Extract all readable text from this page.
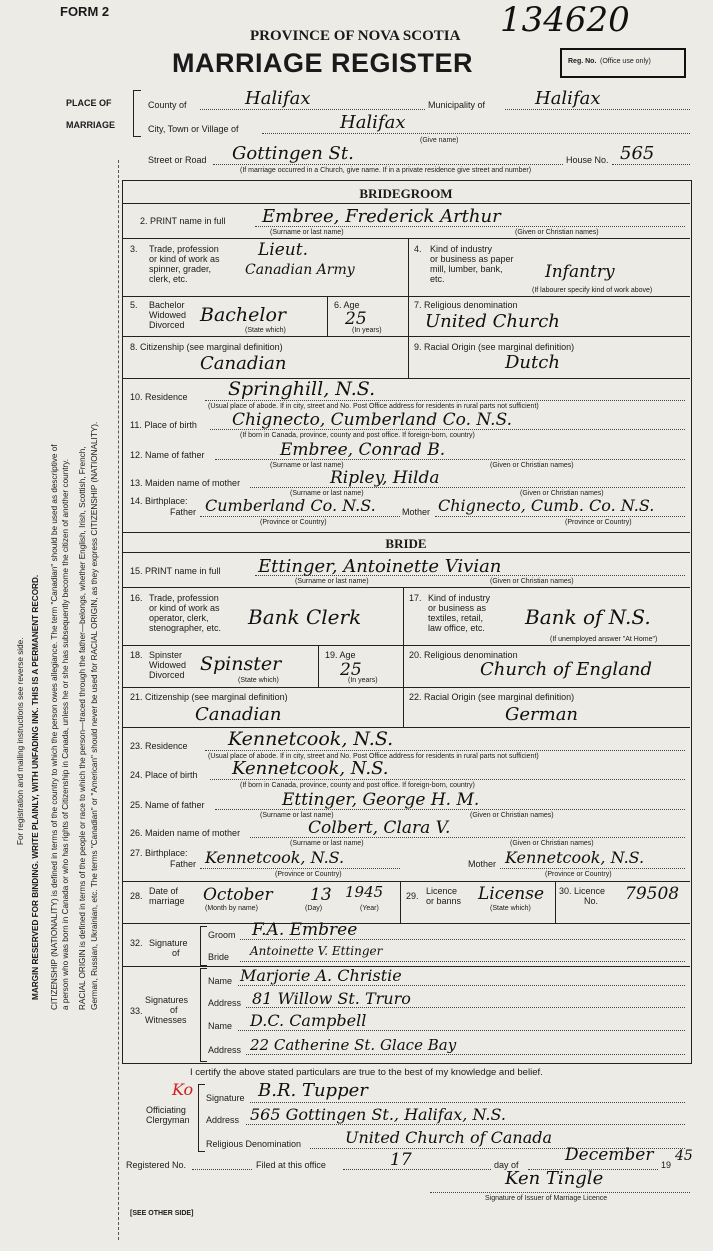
For registration and mailing instructions see reverse side. MARGIN RESERVED FOR BINDING. WRITE PLAINLY, WITH UNFADING INK. THIS IS A PERMANENT RECORD. CITIZENSHIP (NATIONALITY) is defined in terms of the country to which the person owes allegiance. The term "Canadian" should be used as descriptive of a person who was born in Canada or who has rights of Citizenship in Canada, unless he or she has subsequently become the citizen of another country. RACIAL ORIGIN is defined in terms of the people or race to which the person—traced through the father—belongs, whether English, Irish, Scottish, French, German, Russian, Ukrainian, etc. The terms "Canadian" or "American" should never be used for RACIAL ORIGIN, as they express CITIZENSHIP (NATIONALITY).
FORM 2	134620
PROVINCE OF NOVA SCOTIA
MARRIAGE REGISTER	Reg. No. (Office use only)
PLACE OF
MARRIAGE
County of	Halifax	Municipality of	Halifax
City, Town or Village of	Halifax
(Give name)
Street or Road Gottingen St.	House No. 565
(If marriage occurred in a Church, give name. If in a private residence give street and number)
BRIDEGROOM
2. PRINT name in full Embree, Frederick Arthur
(Surname or last name)	(Given or Christian names)
3. Trade, profession
or kind of work as
spinner, grader,
clerk, etc.
Lieut.
Canadian Army
4. Kind of industry
or business as paper
mill, lumber, bank,
etc.	Infantry
(If labourer specify kind of work above)
5. Bachelor
Widowed
Divorced Bachelor
(State which)
6. Age
25
(In years)
7. Religious denomination
United Church
8. Citizenship (see marginal definition)
Canadian
9. Racial Origin (see marginal definition)
Dutch
10. Residence Springhill, N.S.
(Usual place of abode. If in city, street and No. Post Office address for residents in rural parts not sufficient)
11. Place of birth Chignecto, Cumberland Co. N.S.
(If born in Canada, province, county and post office. If foreign-born, country)
12. Name of father	Embree, Conrad B.
(Surname or last name)	(Given or Christian names)
13. Maiden name of mother	Ripley, Hilda
(Surname or last name)	(Given or Christian names)
14. Birthplace:
Father Cumberland Co. N.S.	Mother Chignecto, Cumb. Co. N.S.
(Province or Country)	(Province or Country)
BRIDE
15. PRINT name in full Ettinger, Antoinette Vivian
(Surname or last name)	(Given or Christian names)
16. Trade, profession
or kind of work as
operator, clerk,
stenographer, etc. Bank Clerk
17. Kind of industry
or business as
textiles, retail,
law office, etc. Bank of N.S.
(If unemployed answer "At Home")
18. Spinster
Widowed
Divorced Spinster
(State which)
19. Age
25
(In years)
20. Religious denomination
Church of England
21. Citizenship (see marginal definition)
Canadian
22. Racial Origin (see marginal definition)
German
23. Residence Kennetcook, N.S.
(Usual place of abode. If in city, street and No. Post Office address for residents in rural parts not sufficient)
24. Place of birth Kennetcook, N.S.
(If born in Canada, province, county and post office. If foreign-born, country)
25. Name of father	Ettinger, George H. M.
(Surname or last name)	(Given or Christian names)
26. Maiden name of mother	Colbert, Clara V.
(Surname or last name)	(Given or Christian names)
27. Birthplace:
Father Kennetcook, N.S.	Mother Kennetcook, N.S.
(Province or Country)	(Province or Country)
28. Date of
marriage October 13 1945
(Month by name)	(Day)	(Year)
29. Licence
or banns License
(State which)
30. Licence
No. 79508
32. Signature
of
Groom F.A. Embree
Bride Antoinette V. Ettinger
33.
Signatures
of
Witnesses
Name Marjorie A. Christie
Address 81 Willow St. Truro
Name D.C. Campbell
Address 22 Catherine St. Glace Bay
I certify the above stated particulars are true to the best of my knowledge and belief.
Ko
Officiating
Clergyman
Signature B.R. Tupper
Address 565 Gottingen St., Halifax, N.S.
Religious Denomination	United Church of Canada
Registered No.	Filed at this office	17	day of	December 19
45
Ken Tingle
Signature of Issuer of Marriage Licence
[SEE OTHER SIDE]
